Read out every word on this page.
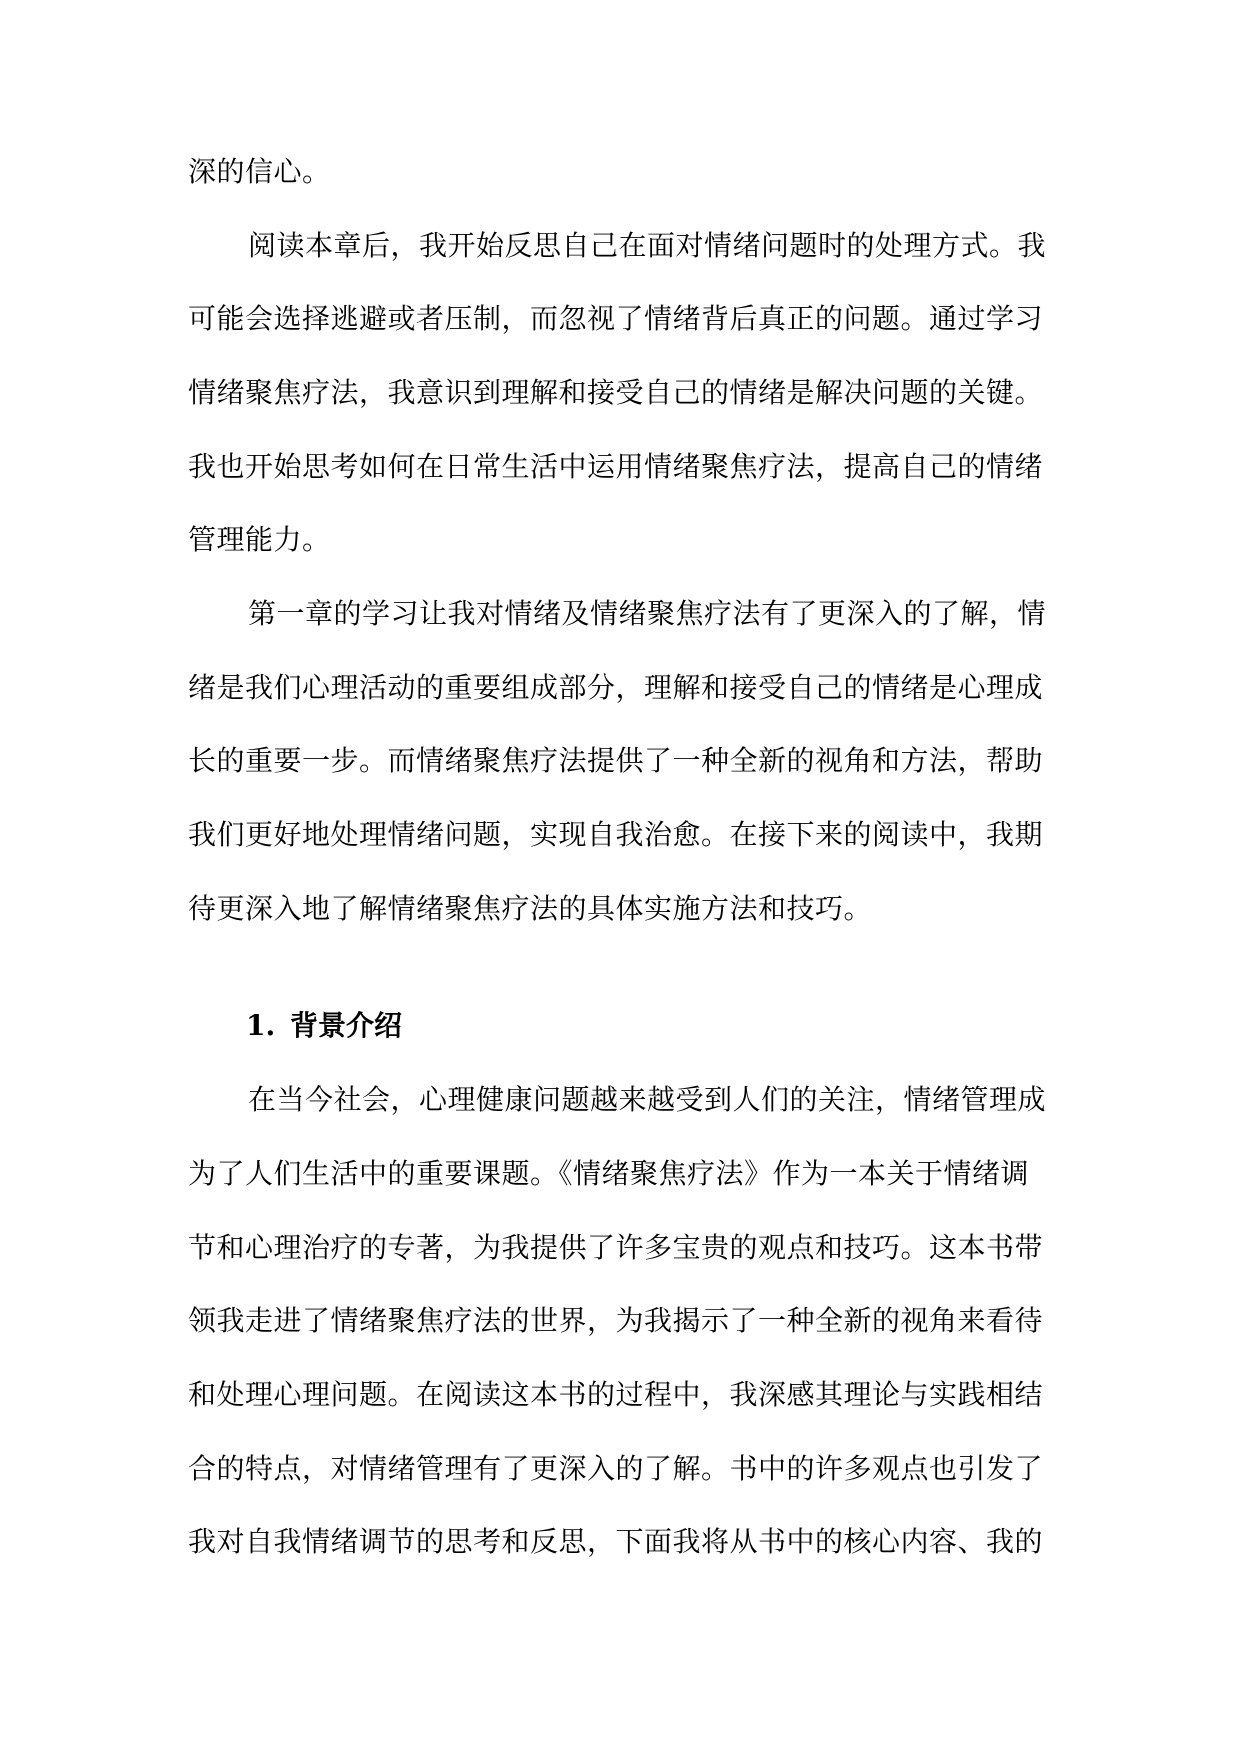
深的信心。
阅读本章后，我开始反思自己在面对情绪问题时的处理方式。我
可能会选择逃避或者压制，而忽视了情绪背后真正的问题。通过学习
情绪聚焦疗法，我意识到理解和接受自己的情绪是解决问题的关键。
我也开始思考如何在日常生活中运用情绪聚焦疗法，提高自己的情绪
管理能力。
第一章的学习让我对情绪及情绪聚焦疗法有了更深入的了解，情
绪是我们心理活动的重要组成部分，理解和接受自己的情绪是心理成
长的重要一步。而情绪聚焦疗法提供了一种全新的视角和方法，帮助
我们更好地处理情绪问题，实现自我治愈。在接下来的阅读中，我期
待更深入地了解情绪聚焦疗法的具体实施方法和技巧。
1. 背景介绍
在当今社会，心理健康问题越来越受到人们的关注，情绪管理成
为了人们生活中的重要课题。《情绪聚焦疗法》作为一本关于情绪调
节和心理治疗的专著，为我提供了许多宝贵的观点和技巧。这本书带
领我走进了情绪聚焦疗法的世界，为我揭示了一种全新的视角来看待
和处理心理问题。在阅读这本书的过程中，我深感其理论与实践相结
合的特点，对情绪管理有了更深入的了解。书中的许多观点也引发了
我对自我情绪调节的思考和反思，下面我将从书中的核心内容、我的
